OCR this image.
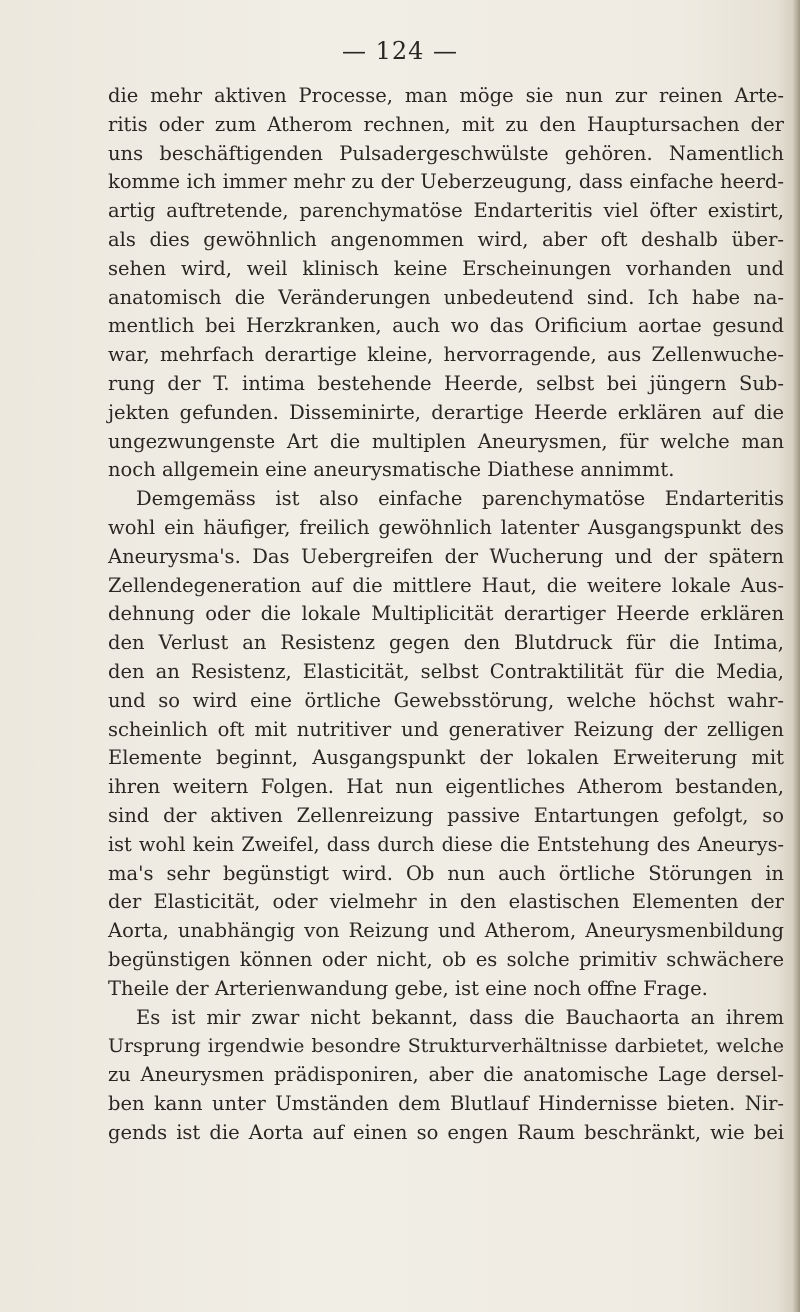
— 124 —
die mehr aktiven Processe, man möge sie nun zur reinen Arte-
ritis oder zum Atherom rechnen, mit zu den Hauptursachen der
uns beschäftigenden Pulsadergeschwülste gehören. Namentlich
komme ich immer mehr zu der Ueberzeugung, dass einfache heerd-
artig auftretende, parenchymatöse Endarteritis viel öfter existirt,
als dies gewöhnlich angenommen wird, aber oft deshalb über-
sehen wird, weil klinisch keine Erscheinungen vorhanden und
anatomisch die Veränderungen unbedeutend sind. Ich habe na-
mentlich bei Herzkranken, auch wo das Orificium aortae gesund
war, mehrfach derartige kleine, hervorragende, aus Zellenwuche-
rung der T. intima bestehende Heerde, selbst bei jüngern Sub-
jekten gefunden. Disseminirte, derartige Heerde erklären auf die
ungezwungenste Art die multiplen Aneurysmen, für welche man
noch allgemein eine aneurysmatische Diathese annimmt.
Demgemäss ist also einfache parenchymatöse Endarteritis
wohl ein häufiger, freilich gewöhnlich latenter Ausgangspunkt des
Aneurysma's. Das Uebergreifen der Wucherung und der spätern
Zellendegeneration auf die mittlere Haut, die weitere lokale Aus-
dehnung oder die lokale Multiplicität derartiger Heerde erklären
den Verlust an Resistenz gegen den Blutdruck für die Intima,
den an Resistenz, Elasticität, selbst Contraktilität für die Media,
und so wird eine örtliche Gewebsstörung, welche höchst wahr-
scheinlich oft mit nutritiver und generativer Reizung der zelligen
Elemente beginnt, Ausgangspunkt der lokalen Erweiterung mit
ihren weitern Folgen. Hat nun eigentliches Atherom bestanden,
sind der aktiven Zellenreizung passive Entartungen gefolgt, so
ist wohl kein Zweifel, dass durch diese die Entstehung des Aneurys-
ma's sehr begünstigt wird. Ob nun auch örtliche Störungen in
der Elasticität, oder vielmehr in den elastischen Elementen der
Aorta, unabhängig von Reizung und Atherom, Aneurysmenbildung
begünstigen können oder nicht, ob es solche primitiv schwächere
Theile der Arterienwandung gebe, ist eine noch offne Frage.
Es ist mir zwar nicht bekannt, dass die Bauchaorta an ihrem
Ursprung irgendwie besondre Strukturverhältnisse darbietet, welche
zu Aneurysmen prädisponiren, aber die anatomische Lage dersel-
ben kann unter Umständen dem Blutlauf Hindernisse bieten. Nir-
gends ist die Aorta auf einen so engen Raum beschränkt, wie bei
